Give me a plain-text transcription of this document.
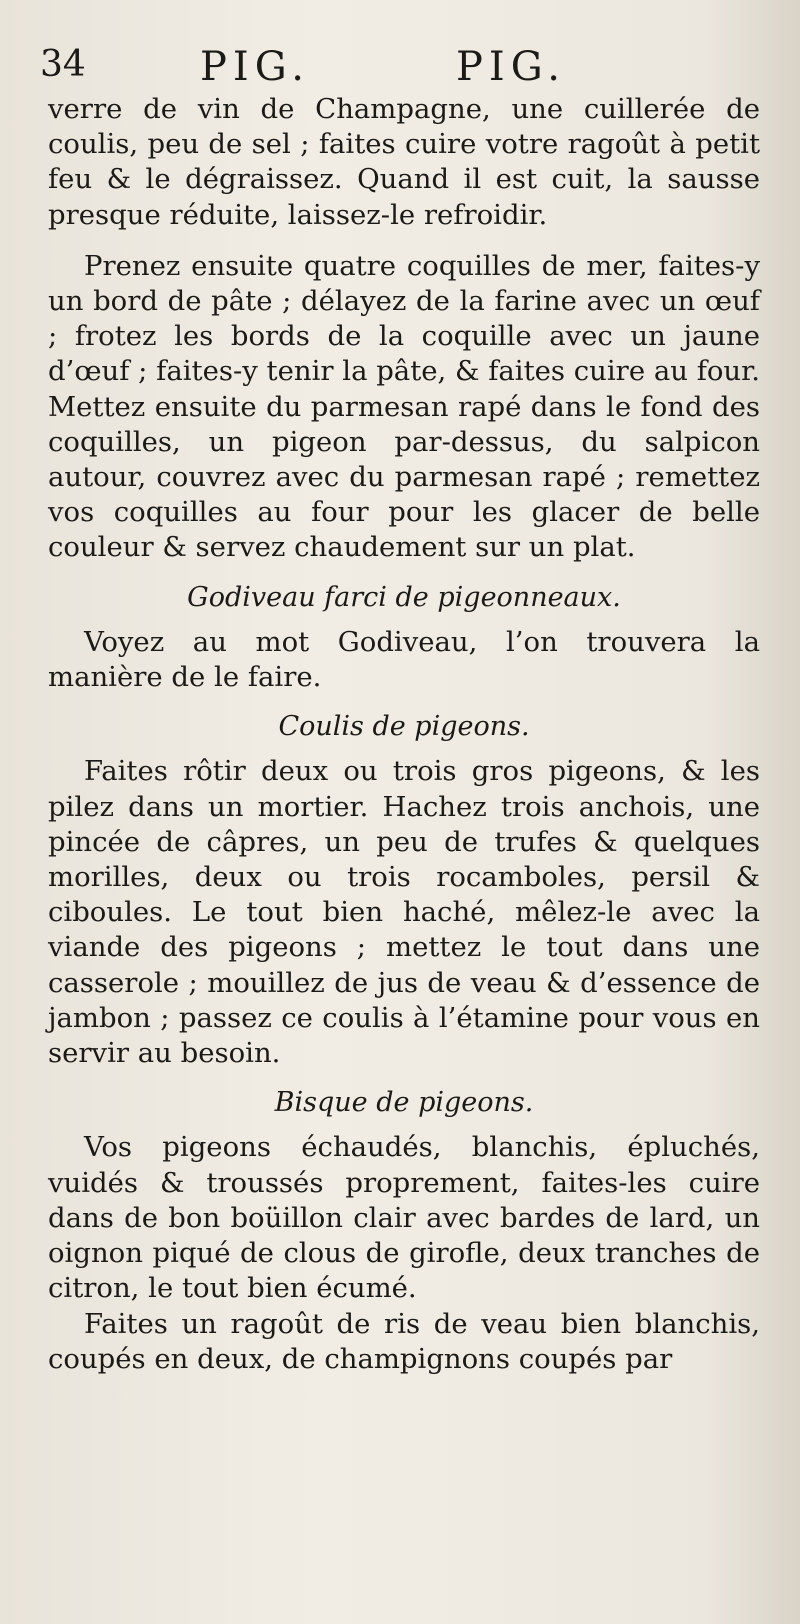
34	PIG.	PIG.

verre de vin de Champagne, une cuillerée de coulis, peu de sel ; faites cuire votre ragoût à petit feu & le dégraissez. Quand il est cuit, la sausse presque réduite, laissez-le refroidir.

Prenez ensuite quatre coquilles de mer, faites-y un bord de pâte ; délayez de la farine avec un œuf ; frotez les bords de la coquille avec un jaune d’œuf ; faites-y tenir la pâte, & faites cuire au four. Mettez ensuite du parmesan rapé dans le fond des coquilles, un pigeon par-dessus, du salpicon autour, couvrez avec du parmesan rapé ; remettez vos coquilles au four pour les glacer de belle couleur & servez chaudement sur un plat.

Godiveau farci de pigeonneaux.

Voyez au mot Godiveau, l’on trouvera la manière de le faire.

Coulis de pigeons.

Faites rôtir deux ou trois gros pigeons, & les pilez dans un mortier. Hachez trois anchois, une pincée de câpres, un peu de trufes & quelques morilles, deux ou trois rocamboles, persil & ciboules. Le tout bien haché, mêlez-le avec la viande des pigeons ; mettez le tout dans une casserole ; mouillez de jus de veau & d’essence de jambon ; passez ce coulis à l’étamine pour vous en servir au besoin.

Bisque de pigeons.

Vos pigeons échaudés, blanchis, épluchés, vuidés & troussés proprement, faites-les cuire dans de bon boüillon clair avec bardes de lard, un oignon piqué de clous de girofle, deux tranches de citron, le tout bien écumé.

Faites un ragoût de ris de veau bien blanchis, coupés en deux, de champignons coupés par
